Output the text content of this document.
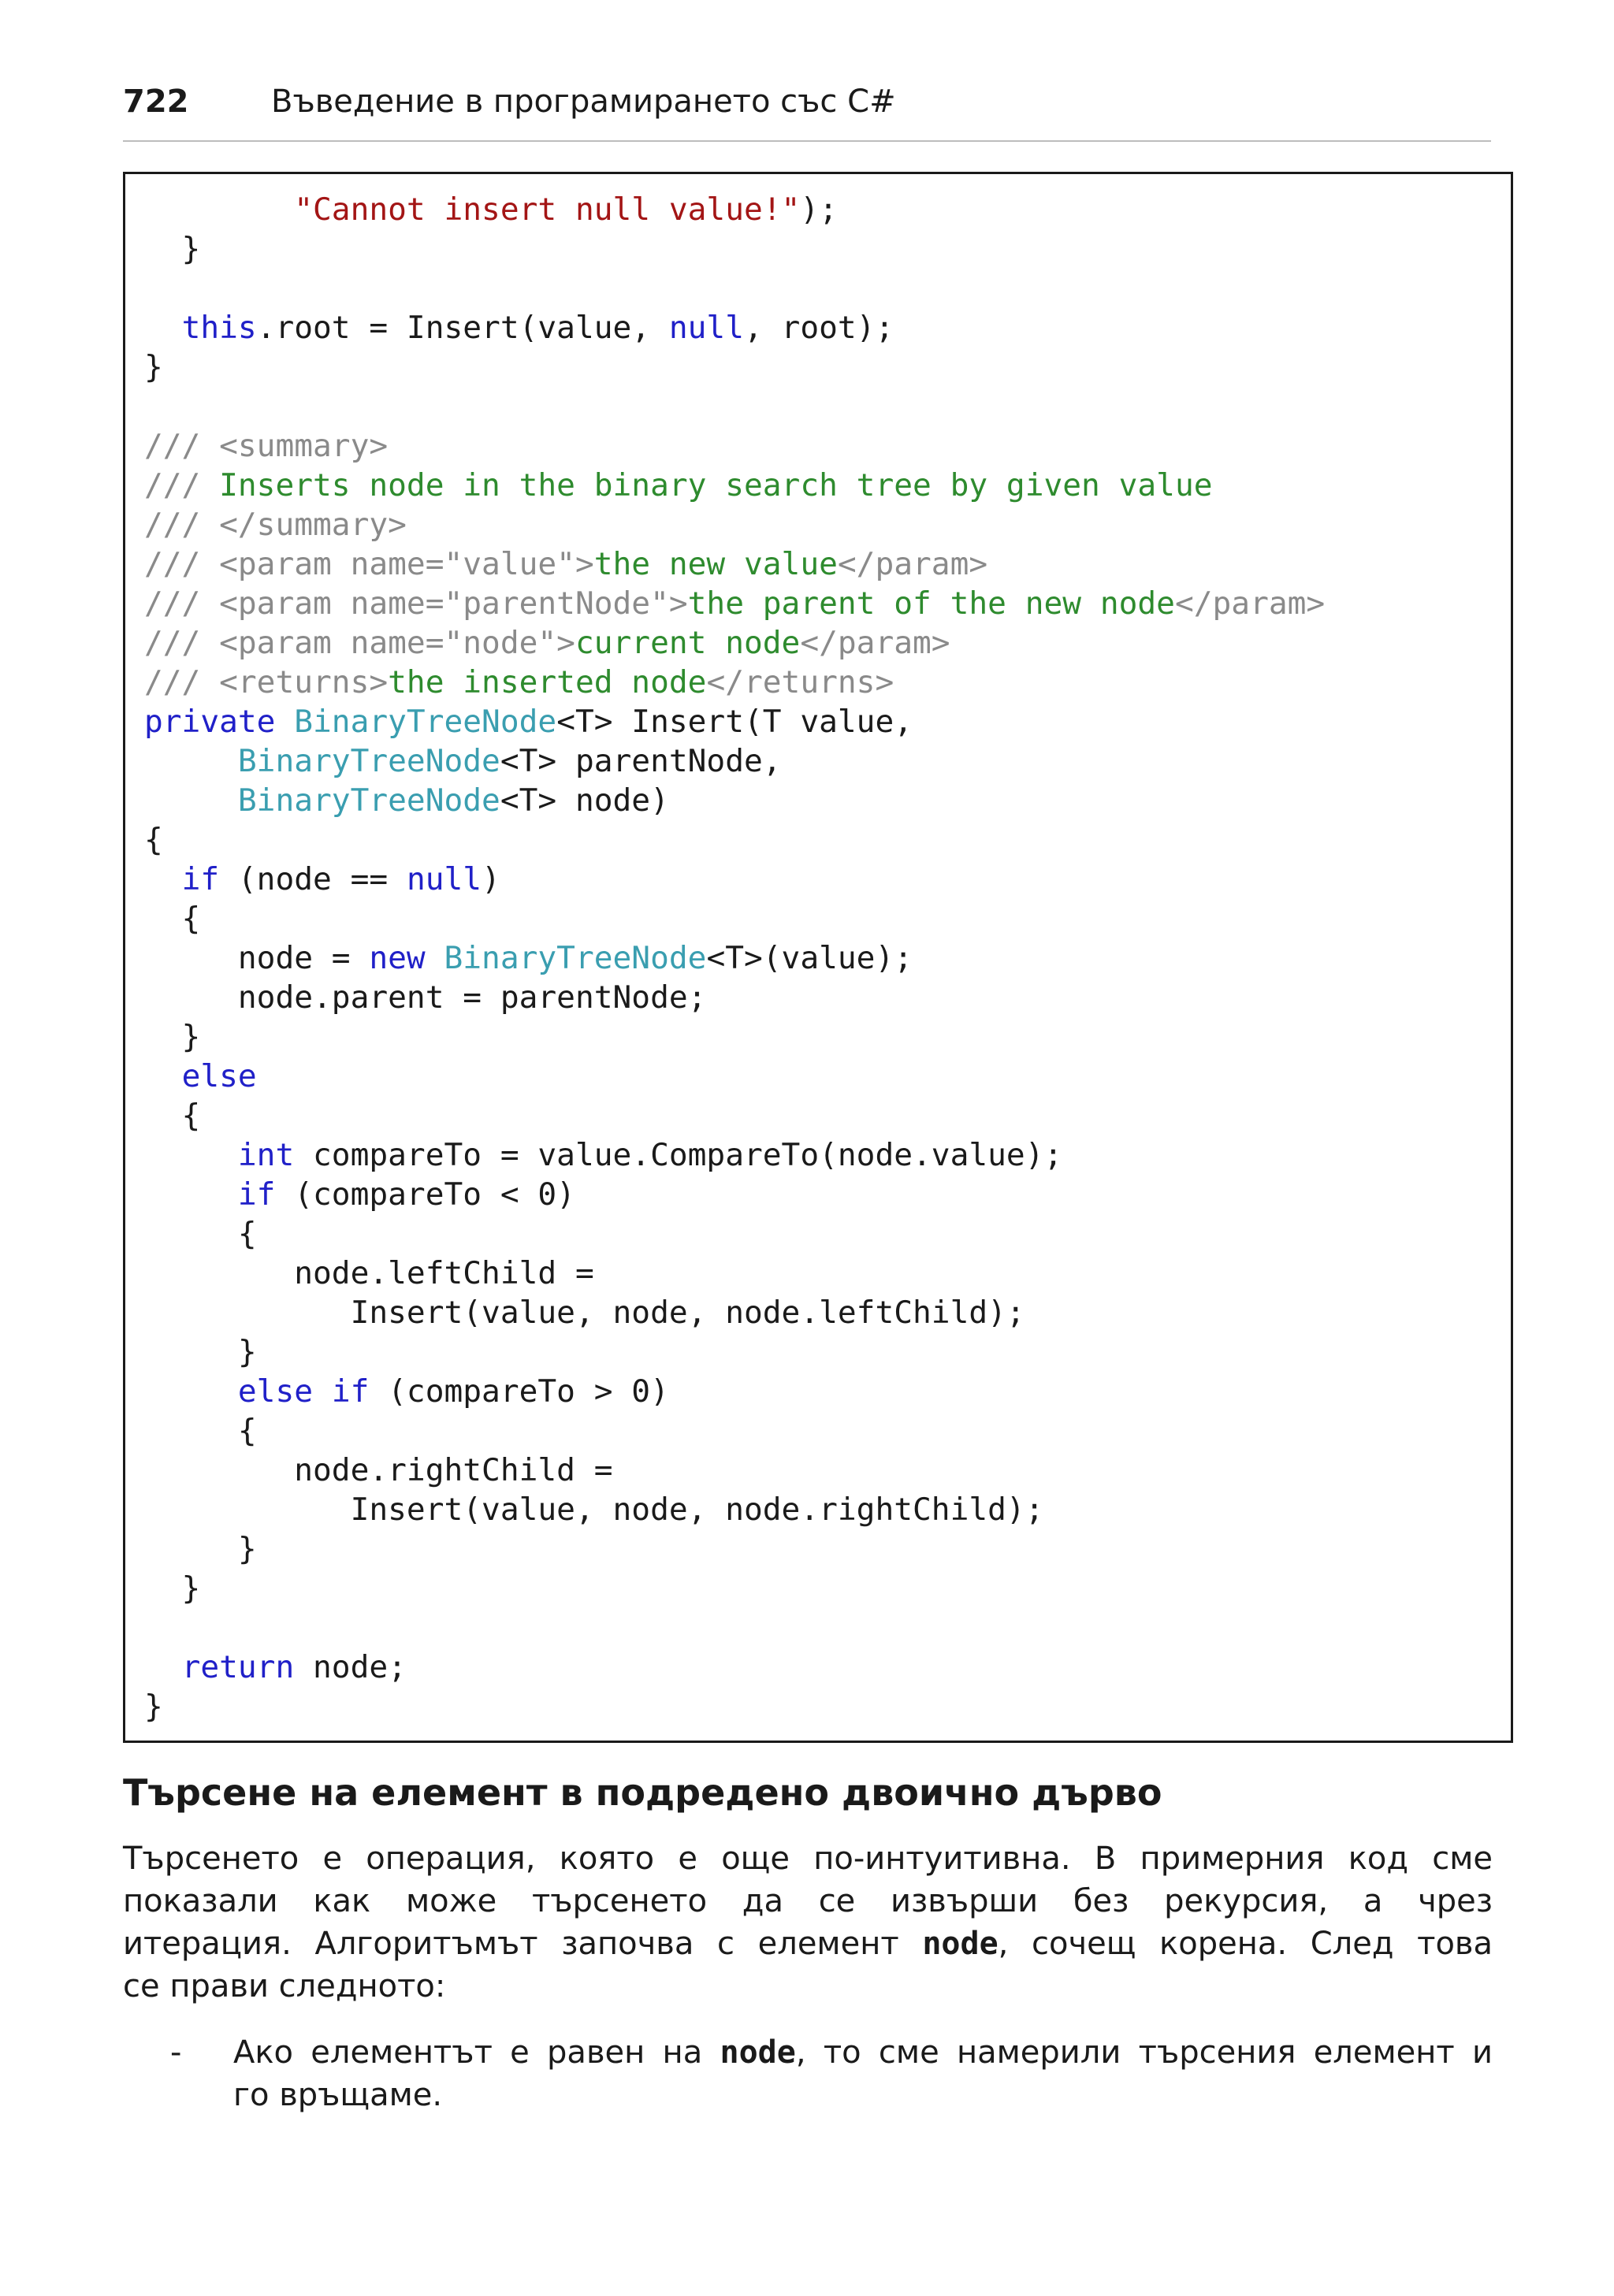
722	Въведение в програмирането със C#
"Cannot insert null value!");
}
this.root = Insert(value, null, root);
}
/// <summary>
/// Inserts node in the binary search tree by given value
/// </summary>
/// <param name="value">the new value</param>
/// <param name="parentNode">the parent of the new node</param>
/// <param name="node">current node</param>
/// <returns>the inserted node</returns>
private BinaryTreeNode<T> Insert(T value,
BinaryTreeNode<T> parentNode,
BinaryTreeNode<T> node)
{
if (node == null)
{
node = new BinaryTreeNode<T>(value);
node.parent = parentNode;
}
else
{
int compareTo = value.CompareTo(node.value);
if (compareTo < 0)
{
node.leftChild =
Insert(value, node, node.leftChild);
}
else if (compareTo > 0)
{
node.rightChild =
Insert(value, node, node.rightChild);
}
}
return node;
}
Търсене на елемент в подредено двоично дърво
Търсенето е операция, която е още по-интуитивна. В примерния код сме
показали как може търсенето да се извърши без рекурсия, а чрез
итерация. Алгоритъмът започва с елемент node, сочещ корена. След това
се прави следното:
- Ако елементът е равен на node, то сме намерили търсения елемент и
го връщаме.
